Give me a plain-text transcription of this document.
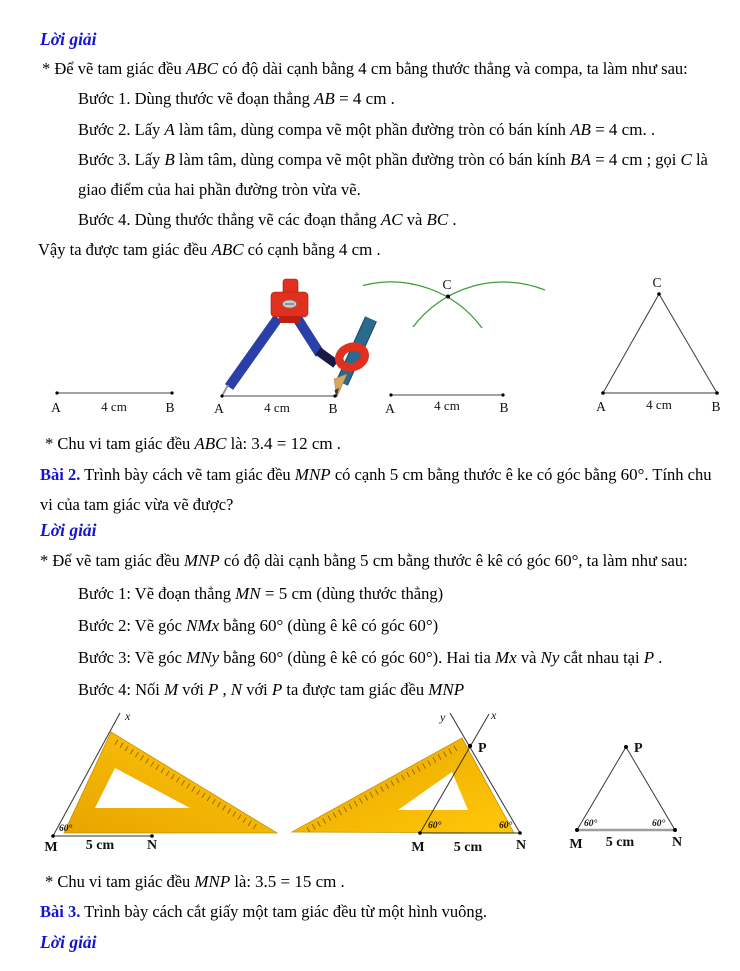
Lời giải
* Để vẽ tam giác đều ABC có độ dài cạnh bằng 4 cm bằng thước thẳng và compa, ta làm như sau:
Bước 1. Dùng thước vẽ đoạn thẳng AB = 4 cm .
Bước 2. Lấy A làm tâm, dùng compa vẽ một phần đường tròn có bán kính AB = 4 cm. .
Bước 3. Lấy B làm tâm, dùng compa vẽ một phần đường tròn có bán kính BA = 4 cm ; gọi C là giao điểm của hai phần đường tròn vừa vẽ.
Bước 4. Dùng thước thẳng vẽ các đoạn thẳng AC và BC .
Vậy ta được tam giác đều ABC có cạnh bằng 4 cm .
A	4 cm	B	A	4 cm	B
C
A	4 cm	B
C
A	4 cm	B
* Chu vi tam giác đều ABC là: 3.4 = 12 cm .
Bài 2. Trình bày cách vẽ tam giác đều MNP có cạnh 5 cm bằng thước ê ke có góc bằng 60°. Tính chu vi của tam giác vừa vẽ được?
Lời giải
* Để vẽ tam giác đều MNP có độ dài cạnh bằng 5 cm bằng thước ê kê có góc 60°, ta làm như sau:
Bước 1: Vẽ đoạn thẳng MN = 5 cm (dùng thước thẳng)
Bước 2: Vẽ góc NMx bằng 60° (dùng ê kê có góc 60°)
Bước 3: Vẽ góc MNy bằng 60° (dùng ê kê có góc 60°). Hai tia Mx và Ny cắt nhau tại P .
Bước 4: Nối M với P , N với P ta được tam giác đều MNP
x
60°
M 5 cm N
x
y
P
60°	60°
M 5 cm N
P
60°	60°
M 5 cm	N
* Chu vi tam giác đều MNP là: 3.5 = 15 cm .
Bài 3. Trình bày cách cắt giấy một tam giác đều từ một hình vuông.
Lời giải
